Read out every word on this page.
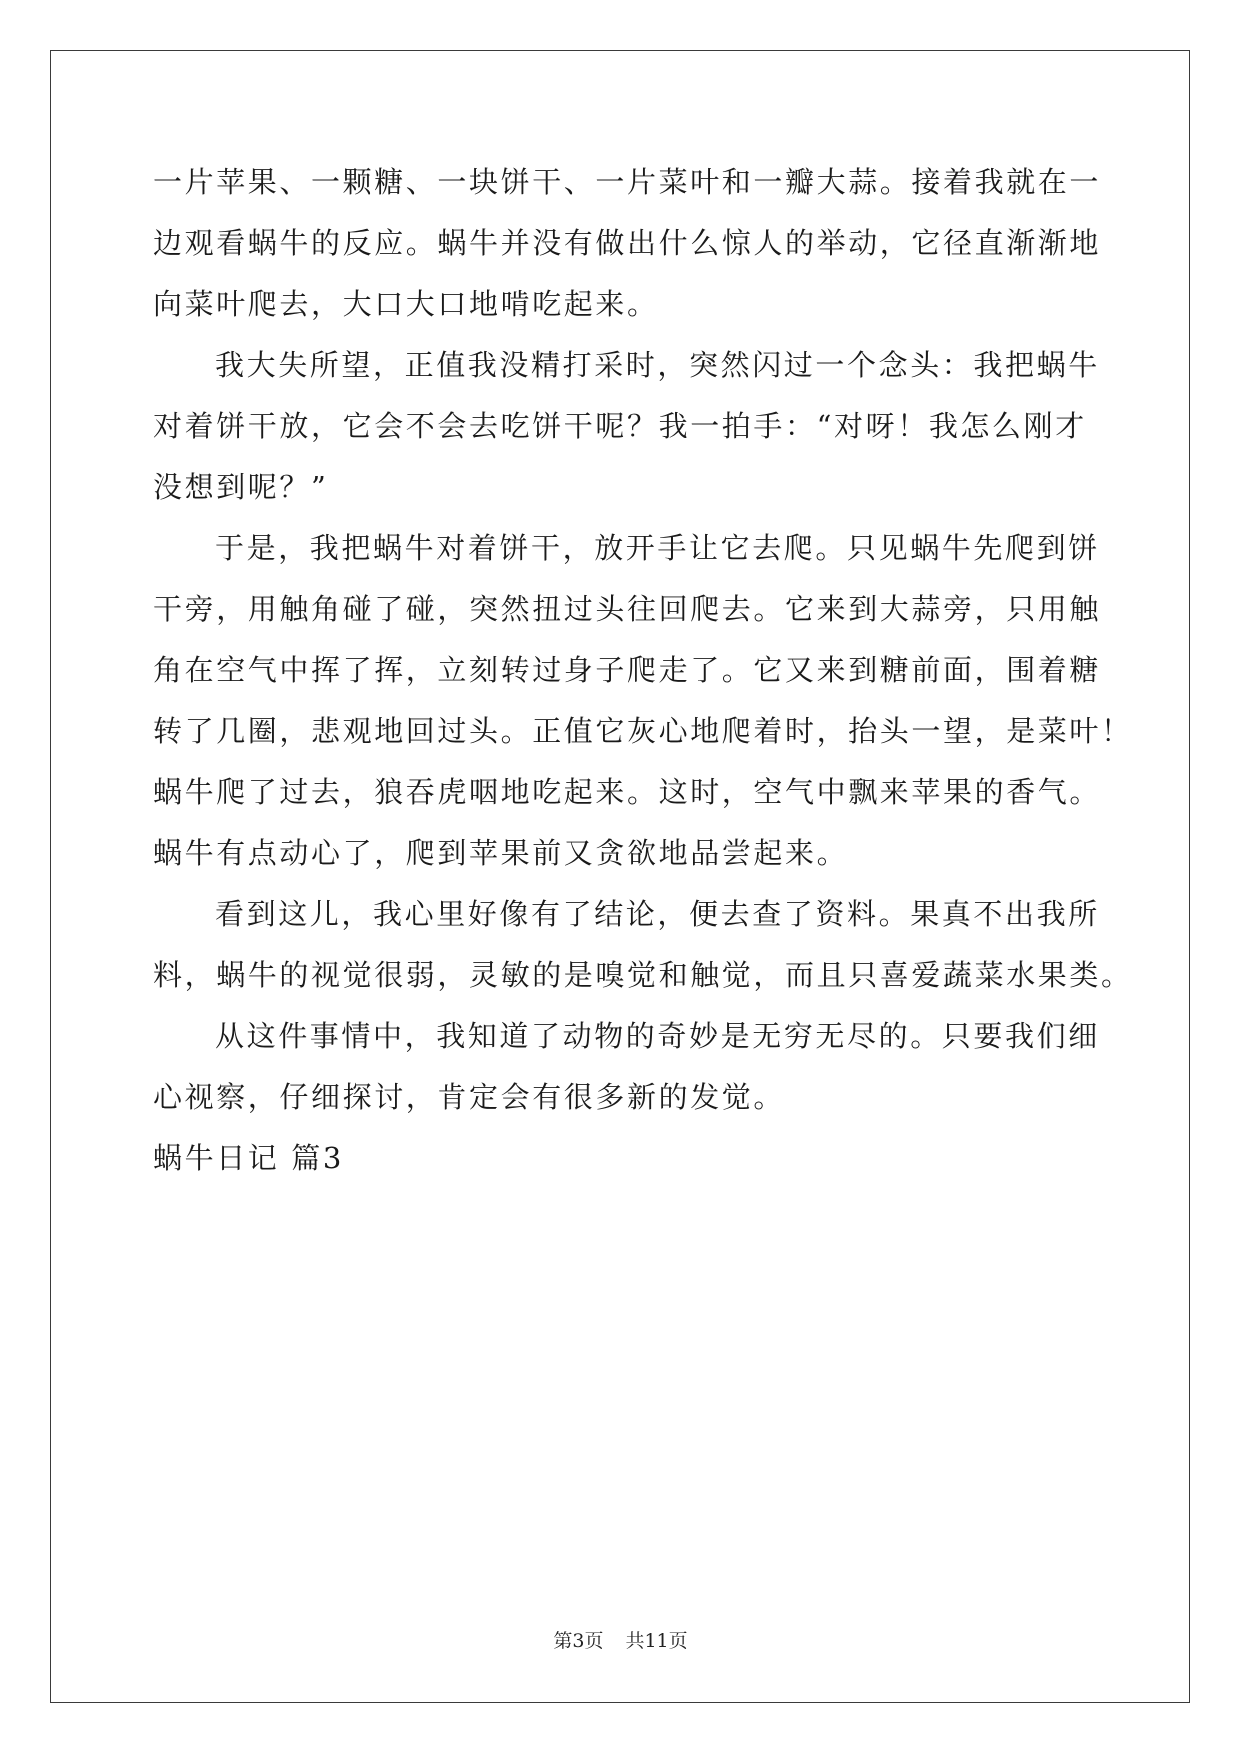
一片苹果、一颗糖、一块饼干、一片菜叶和一瓣大蒜。接着我就在一
边观看蜗牛的反应。蜗牛并没有做出什么惊人的举动，它径直渐渐地
向菜叶爬去，大口大口地啃吃起来。
我大失所望，正值我没精打采时，突然闪过一个念头：我把蜗牛
对着饼干放，它会不会去吃饼干呢？我一拍手：“对呀！我怎么刚才
没想到呢？”
于是，我把蜗牛对着饼干，放开手让它去爬。只见蜗牛先爬到饼
干旁，用触角碰了碰，突然扭过头往回爬去。它来到大蒜旁，只用触
角在空气中挥了挥，立刻转过身子爬走了。它又来到糖前面，围着糖
转了几圈，悲观地回过头。正值它灰心地爬着时，抬头一望，是菜叶！
蜗牛爬了过去，狼吞虎咽地吃起来。这时，空气中飘来苹果的香气。
蜗牛有点动心了，爬到苹果前又贪欲地品尝起来。
看到这儿，我心里好像有了结论，便去查了资料。果真不出我所
料，蜗牛的视觉很弱，灵敏的是嗅觉和触觉，而且只喜爱蔬菜水果类。
从这件事情中，我知道了动物的奇妙是无穷无尽的。只要我们细
心视察，仔细探讨，肯定会有很多新的发觉。
蜗牛日记 篇3
第3页 共11页
